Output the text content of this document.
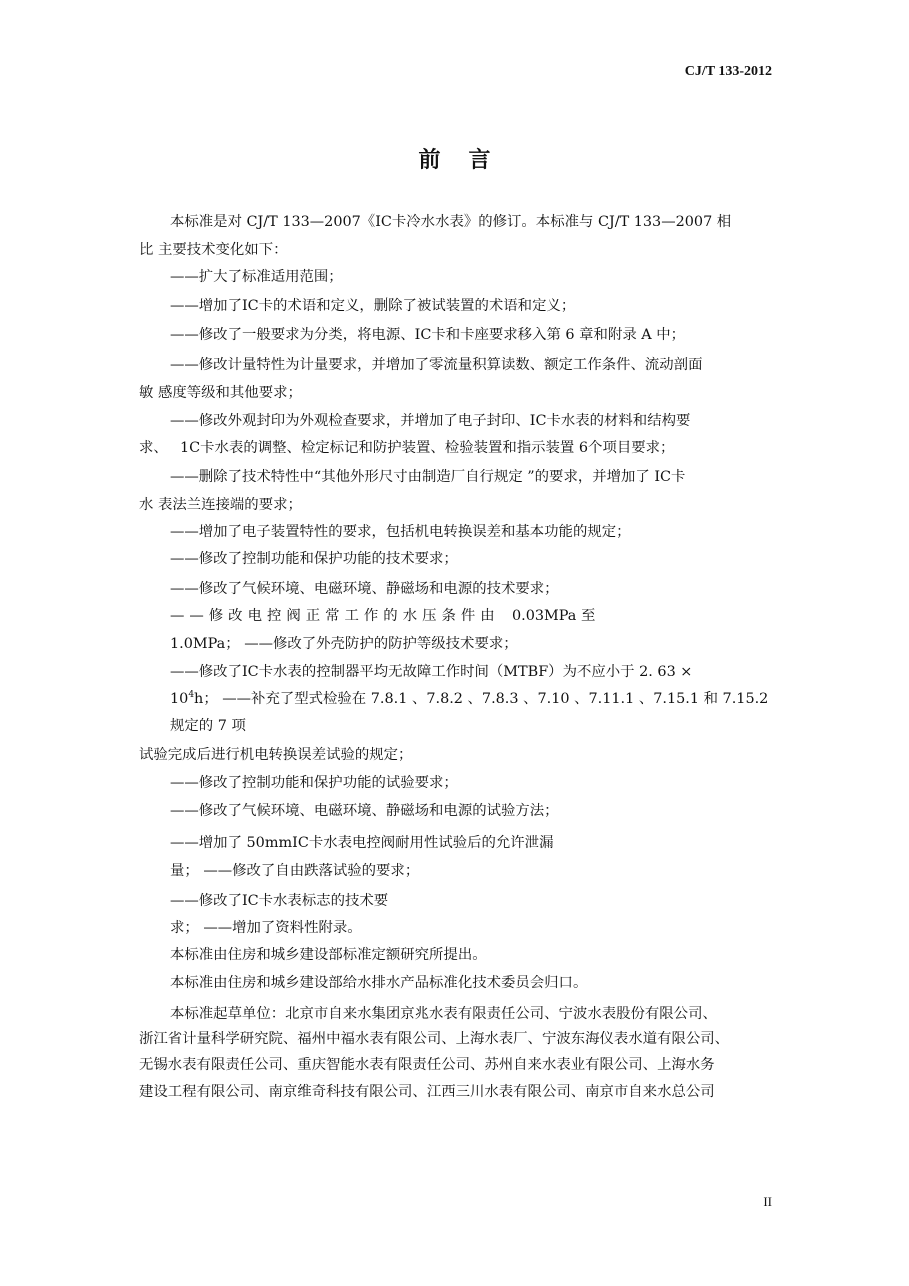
CJ/T 133-2012
前言
本标准是对 CJ/T 133—2007《IC卡冷水水表》的修订。本标准与 CJ/T 133—2007 相
比 主要技术变化如下：
——扩大了标准适用范围；
——增加了IC卡的术语和定义，删除了被试装置的术语和定义；
——修改了一般要求为分类，将电源、IC卡和卡座要求移入第 6 章和附录 A 中；
——修改计量特性为计量要求，并增加了零流量积算读数、额定工作条件、流动剖面
敏 感度等级和其他要求；
——修改外观封印为外观检查要求，并增加了电子封印、IC卡水表的材料和结构要
求、 1C卡水表的调整、检定标记和防护装置、检验装置和指示装置 6个项目要求；
——删除了技术特性中“其他外形尺寸由制造厂自行规定 ”的要求，并增加了 IC卡
水 表法兰连接端的要求；
——增加了电子装置特性的要求，包括机电转换误差和基本功能的规定；
——修改了控制功能和保护功能的技术要求；
——修改了气候环境、电磁环境、静磁场和电源的技术要求；
——修改电控阀正常工作的水压条件由 0.03MPa 至
1.0MPa； ——修改了外壳防护的防护等级技术要求；
——修改了IC卡水表的控制器平均无故障工作时间（MTBF）为不应小于 2. 63 ×
$10^4h$； ——补充了型式检验在 7.8.1 、7.8.2 、7.8.3 、7.10 、7.11.1 、7.15.1 和 7.15.2
规定的 7 项
试验完成后进行机电转换误差试验的规定；
——修改了控制功能和保护功能的试验要求；
——修改了气候环境、电磁环境、静磁场和电源的试验方法；
——增加了 50mmIC卡水表电控阀耐用性试验后的允许泄漏
量； ——修改了自由跌落试验的要求；
——修改了IC卡水表标志的技术要
求； ——增加了资料性附录。
本标准由住房和城乡建设部标准定额研究所提出。
本标准由住房和城乡建设部给水排水产品标准化技术委员会归口。
本标准起草单位：北京市自来水集团京兆水表有限责任公司、宁波水表股份有限公司、
浙江省计量科学研究院、福州中福水表有限公司、上海水表厂、宁波东海仪表水道有限公司、
无锡水表有限责任公司、重庆智能水表有限责任公司、苏州自来水表业有限公司、上海水务
建设工程有限公司、南京维奇科技有限公司、江西三川水表有限公司、南京市自来水总公司
II
